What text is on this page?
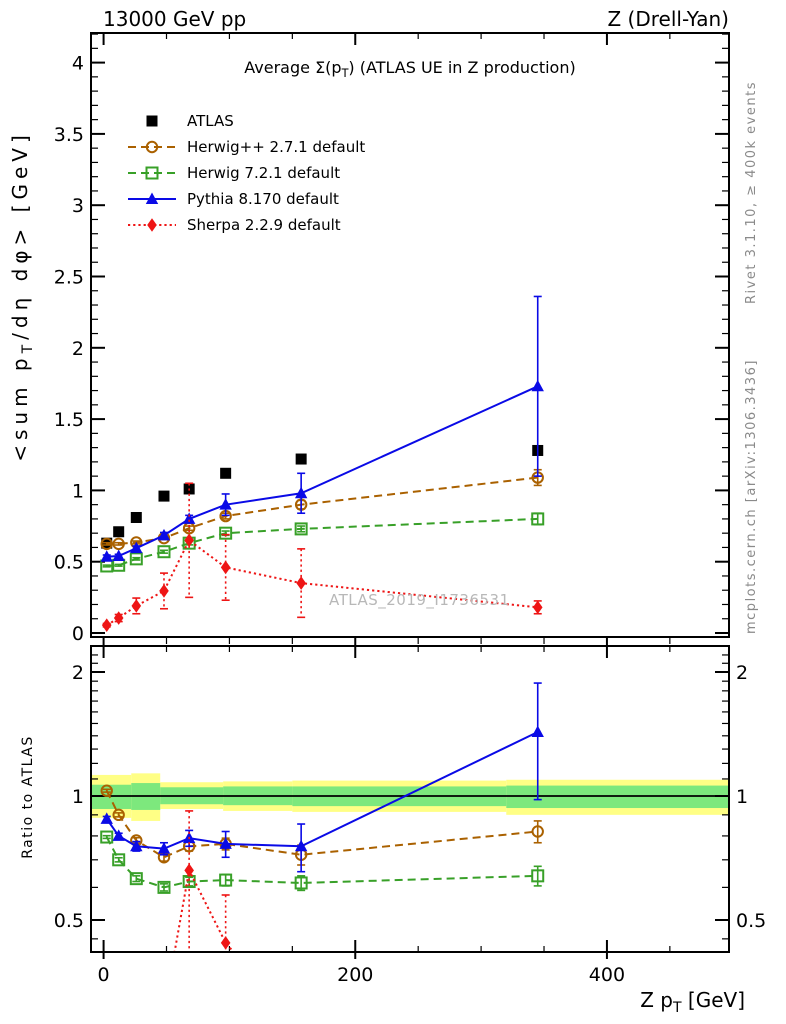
0
0.5
1
1.5
2
2.5
3
3.5
4
0.5	0.5
1	1
2	2
0	200	400
13000 GeV pp	Z (Drell-Yan)
Average $\Sigma(p_T)$ (ATLAS UE in Z production)
ATLAS
Herwig++ 2.7.1 default
Herwig 7.2.1 default
Pythia 8.170 default
Sherpa 2.2.9 default
ATLAS_2019_I1736531
Rivet 3.1.10, ≥ 400k events
mcplots.cern.ch [arXiv:1306.3436]
<sum $p_T/d\eta$ dφ> [GeV]
Ratio to ATLAS
Z $p_T$ [GeV]
